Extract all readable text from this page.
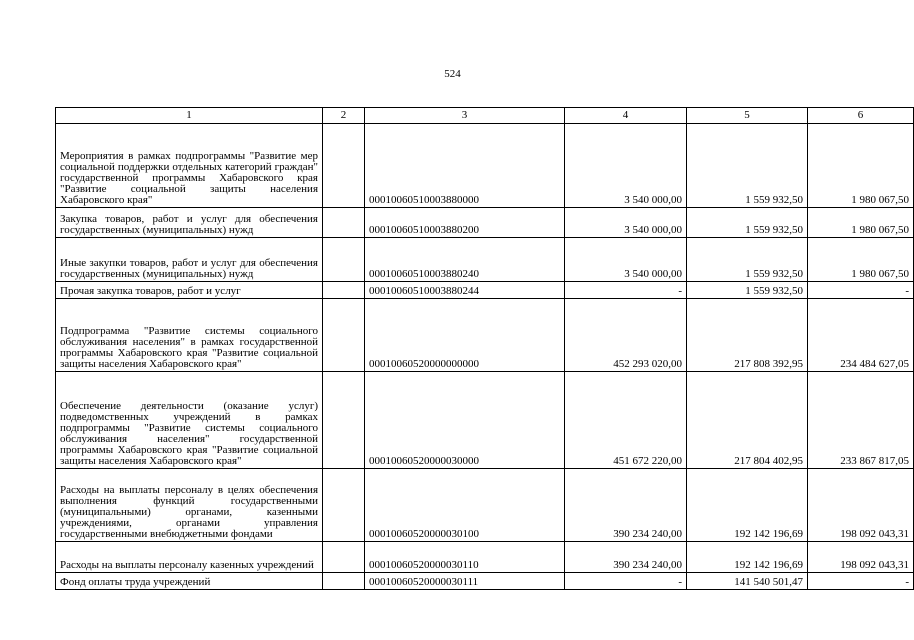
524
1	2	3	4	5	6
Мероприятия в рамках подпрограммы "Развитие мер социальной поддержки отдельных категорий граждан" государственной программы Хабаровского края "Развитие социальной защиты населения Хабаровского края"		00010060510003880000	3 540 000,00	1 559 932,50	1 980 067,50
Закупка товаров, работ и услуг для обеспечения государственных (муниципальных) нужд		00010060510003880200	3 540 000,00	1 559 932,50	1 980 067,50
Иные закупки товаров, работ и услуг для обеспечения государственных (муниципальных) нужд		00010060510003880240	3 540 000,00	1 559 932,50	1 980 067,50
Прочая закупка товаров, работ и услуг		00010060510003880244	-	1 559 932,50	-
Подпрограмма "Развитие системы социального обслуживания населения" в рамках государственной программы Хабаровского края "Развитие социальной защиты населения Хабаровского края"		00010060520000000000	452 293 020,00	217 808 392,95	234 484 627,05
Обеспечение деятельности (оказание услуг) подведомственных учреждений в рамках подпрограммы "Развитие системы социального обслуживания населения" государственной программы Хабаровского края "Развитие социальной защиты населения Хабаровского края"		00010060520000030000	451 672 220,00	217 804 402,95	233 867 817,05
Расходы на выплаты персоналу в целях обеспечения выполнения функций государственными (муниципальными) органами, казенными учреждениями, органами управления государственными внебюджетными фондами		00010060520000030100	390 234 240,00	192 142 196,69	198 092 043,31
Расходы на выплаты персоналу казенных учреждений		00010060520000030110	390 234 240,00	192 142 196,69	198 092 043,31
Фонд оплаты труда учреждений		00010060520000030111	-	141 540 501,47	-
